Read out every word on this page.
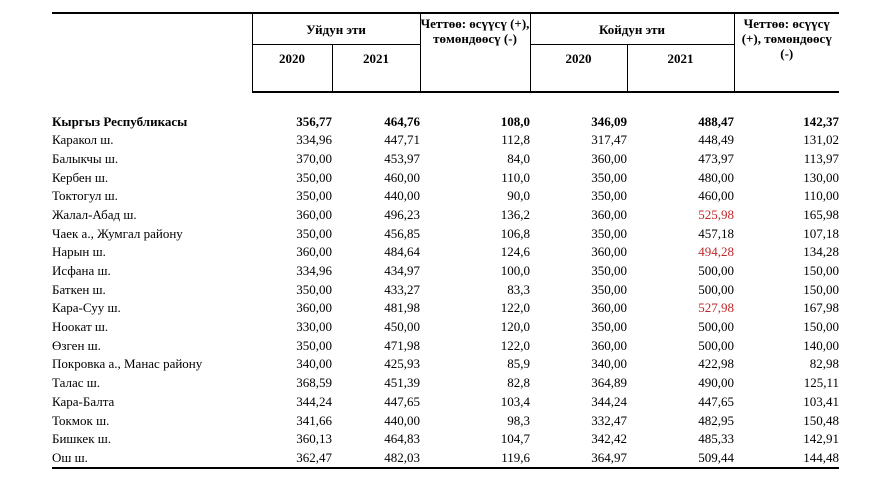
	Уйдун эти		Четтөө: өсүүсү (+), төмөндөөсү (-)	Койдун эти		Четтөө: өсүүсү (+), төмөндөөсү (-)
	2020	2021		2020	2021	

Кыргыз Республикасы	356,77	464,76	108,0	346,09	488,47	142,37
Каракол ш.	334,96	447,71	112,8	317,47	448,49	131,02
Балыкчы ш.	370,00	453,97	84,0	360,00	473,97	113,97
Кербен ш.	350,00	460,00	110,0	350,00	480,00	130,00
Токтогул ш.	350,00	440,00	90,0	350,00	460,00	110,00
Жалал-Абад ш.	360,00	496,23	136,2	360,00	525,98	165,98
Чаек а., Жумгал району	350,00	456,85	106,8	350,00	457,18	107,18
Нарын ш.	360,00	484,64	124,6	360,00	494,28	134,28
Исфана ш.	334,96	434,97	100,0	350,00	500,00	150,00
Баткен ш.	350,00	433,27	83,3	350,00	500,00	150,00
Кара-Суу ш.	360,00	481,98	122,0	360,00	527,98	167,98
Ноокат ш.	330,00	450,00	120,0	350,00	500,00	150,00
Өзген ш.	350,00	471,98	122,0	360,00	500,00	140,00
Покровка а., Манас району	340,00	425,93	85,9	340,00	422,98	82,98
Талас ш.	368,59	451,39	82,8	364,89	490,00	125,11
Кара-Балта	344,24	447,65	103,4	344,24	447,65	103,41
Токмок ш.	341,66	440,00	98,3	332,47	482,95	150,48
Бишкек ш.	360,13	464,83	104,7	342,42	485,33	142,91
Ош ш.	362,47	482,03	119,6	364,97	509,44	144,48
